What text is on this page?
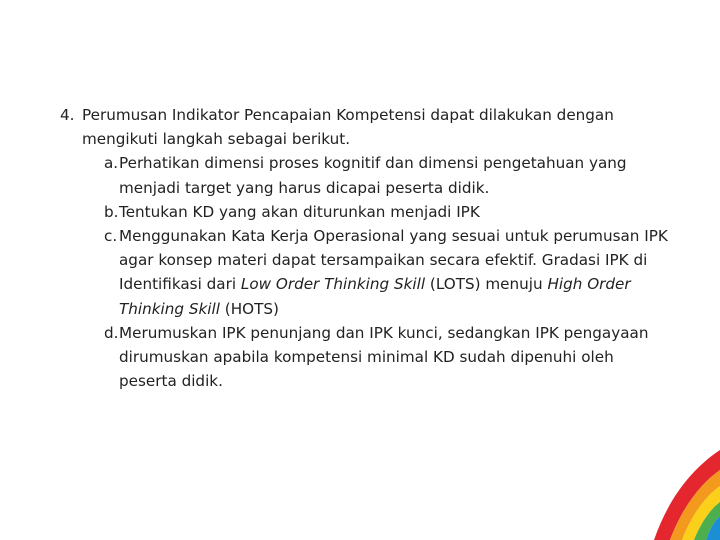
4. Perumusan Indikator Pencapaian Kompetensi dapat dilakukan dengan mengikuti langkah sebagai berikut.
a. Perhatikan dimensi proses kognitif dan dimensi pengetahuan yang menjadi target yang harus dicapai peserta didik.
b. Tentukan KD yang akan diturunkan menjadi IPK
c. Menggunakan Kata Kerja Operasional yang sesuai untuk perumusan IPK agar konsep materi dapat tersampaikan secara efektif. Gradasi IPK di Identifikasi dari Low Order Thinking Skill (LOTS) menuju High Order Thinking Skill (HOTS)
d. Merumuskan IPK penunjang dan IPK kunci, sedangkan IPK pengayaan dirumuskan apabila kompetensi minimal KD sudah dipenuhi oleh peserta didik.
